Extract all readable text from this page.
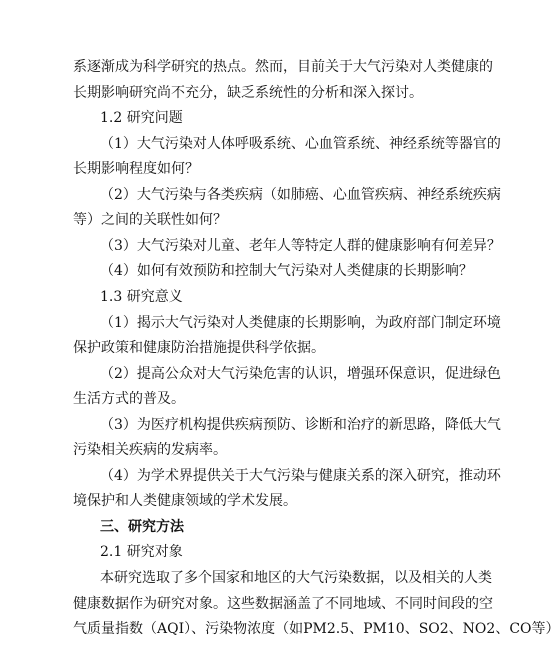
系逐渐成为科学研究的热点。然而，目前关于大气污染对人类健康的
长期影响研究尚不充分，缺乏系统性的分析和深入探讨。
1.2 研究问题
（1）大气污染对人体呼吸系统、心血管系统、神经系统等器官的
长期影响程度如何？
（2）大气污染与各类疾病（如肺癌、心血管疾病、神经系统疾病
等）之间的关联性如何？
（3）大气污染对儿童、老年人等特定人群的健康影响有何差异？
（4）如何有效预防和控制大气污染对人类健康的长期影响？
1.3 研究意义
（1）揭示大气污染对人类健康的长期影响，为政府部门制定环境
保护政策和健康防治措施提供科学依据。
（2）提高公众对大气污染危害的认识，增强环保意识，促进绿色
生活方式的普及。
（3）为医疗机构提供疾病预防、诊断和治疗的新思路，降低大气
污染相关疾病的发病率。
（4）为学术界提供关于大气污染与健康关系的深入研究，推动环
境保护和人类健康领域的学术发展。
三、研究方法
2.1 研究对象
本研究选取了多个国家和地区的大气污染数据，以及相关的人类
健康数据作为研究对象。这些数据涵盖了不同地域、不同时间段的空
气质量指数（AQI）、污染物浓度（如PM2.5、PM10、SO2、NO2、CO等）
